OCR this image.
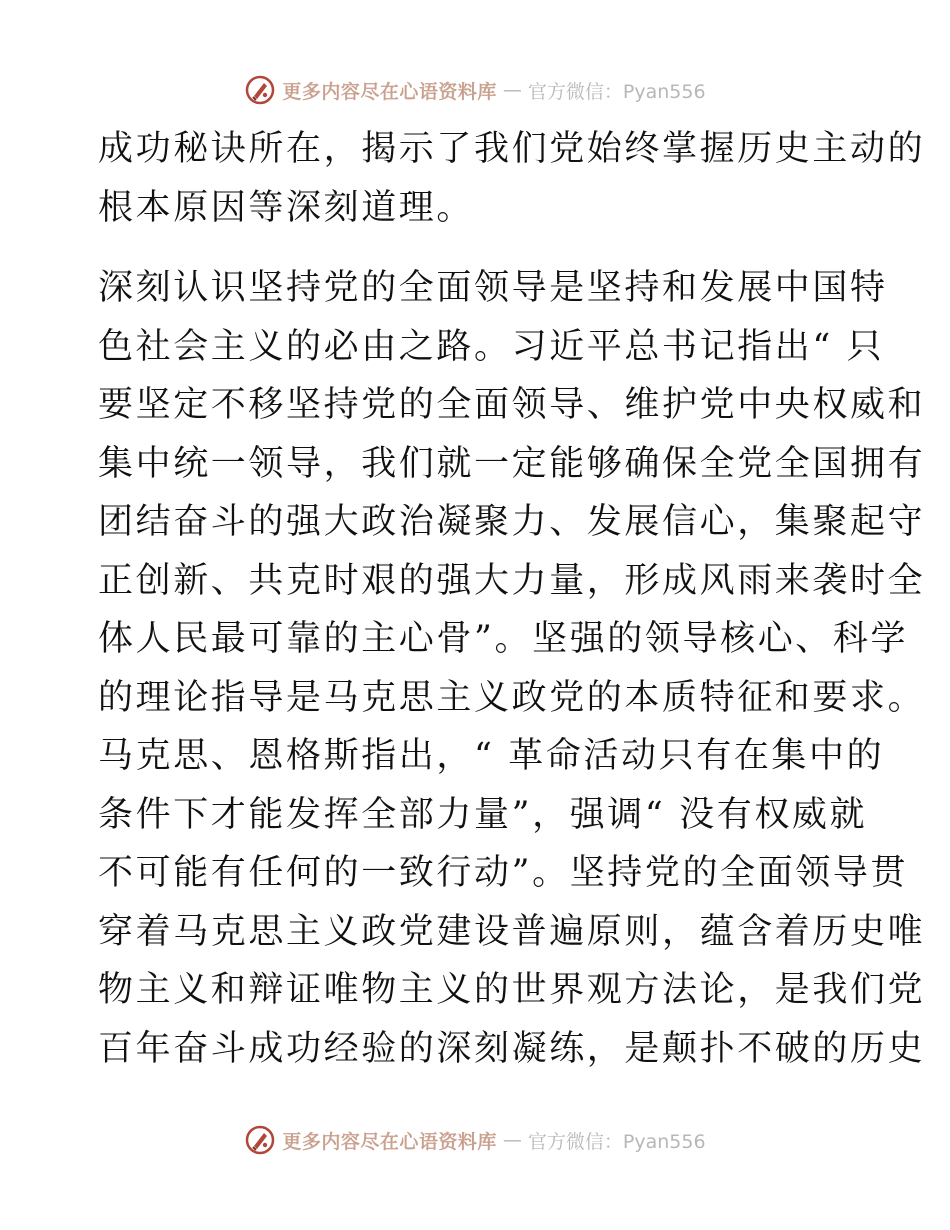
更多内容尽在心语资料库 — 官方微信：Pyan556
成功秘诀所在，揭示了我们党始终掌握历史主动的
根本原因等深刻道理。
深刻认识坚持党的全面领导是坚持和发展中国特
色社会主义的必由之路。习近平总书记指出“ 只
要坚定不移坚持党的全面领导、维护党中央权威和
集中统一领导，我们就一定能够确保全党全国拥有
团结奋斗的强大政治凝聚力、发展信心，集聚起守
正创新、共克时艰的强大力量，形成风雨来袭时全
体人民最可靠的主心骨”。坚强的领导核心、科学
的理论指导是马克思主义政党的本质特征和要求。
马克思、恩格斯指出，“ 革命活动只有在集中的
条件下才能发挥全部力量”，强调“ 没有权威就
不可能有任何的一致行动”。坚持党的全面领导贯
穿着马克思主义政党建设普遍原则，蕴含着历史唯
物主义和辩证唯物主义的世界观方法论，是我们党
百年奋斗成功经验的深刻凝练，是颠扑不破的历史
更多内容尽在心语资料库 — 官方微信：Pyan556
